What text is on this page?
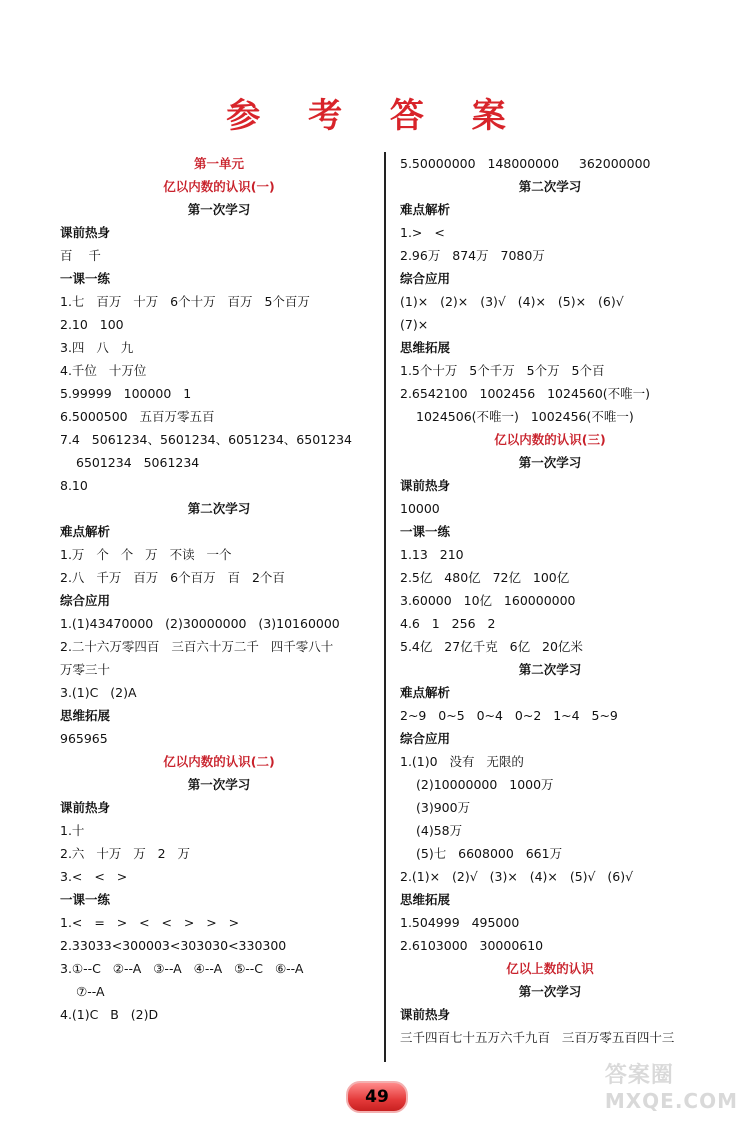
参 考 答 案
第一单元
亿以内数的认识(一)
第一次学习
课前热身
百    千
一课一练
1.七   百万   十万   6个十万   百万   5个百万
2.10   100
3.四   八   九
4.千位   十万位
5.99999   100000   1
6.5000500   五百万零五百
7.4   5061234、5601234、6051234、6501234
6501234   5061234
8.10
第二次学习
难点解析
1.万   个   个   万   不读   一个
2.八   千万   百万   6个百万   百   2个百
综合应用
1.(1)43470000   (2)30000000   (3)10160000
2.二十六万零四百   三百六十万二千   四千零八十
万零三十
3.(1)C   (2)A
思维拓展
965965
亿以内数的认识(二)
第一次学习
课前热身
1.十
2.六   十万   万   2   万
3.<   <   >
一课一练
1.<   =   >   <   <   >   >   >
2.33033<300003<303030<330300
3.①--C   ②--A   ③--A   ④--A   ⑤--C   ⑥--A
⑦--A
4.(1)C   B   (2)D
5.50000000   148000000     362000000
第二次学习
难点解析
1.>   <
2.96万   874万   7080万
综合应用
(1)×   (2)×   (3)√   (4)×   (5)×   (6)√
(7)×
思维拓展
1.5个十万   5个千万   5个万   5个百
2.6542100   1002456   1024560(不唯一)
1024506(不唯一)   1002456(不唯一)
亿以内数的认识(三)
第一次学习
课前热身
10000
一课一练
1.13   210
2.5亿   480亿   72亿   100亿
3.60000   10亿   160000000
4.6   1   256   2
5.4亿   27亿千克   6亿   20亿米
第二次学习
难点解析
2~9   0~5   0~4   0~2   1~4   5~9
综合应用
1.(1)0   没有   无限的
(2)10000000   1000万
(3)900万
(4)58万
(5)七   6608000   661万
2.(1)×   (2)√   (3)×   (4)×   (5)√   (6)√
思维拓展
1.504999   495000
2.6103000   30000610
亿以上数的认识
第一次学习
课前热身
三千四百七十五万六千九百   三百万零五百四十三
49
答案圈
MXQE.COM
